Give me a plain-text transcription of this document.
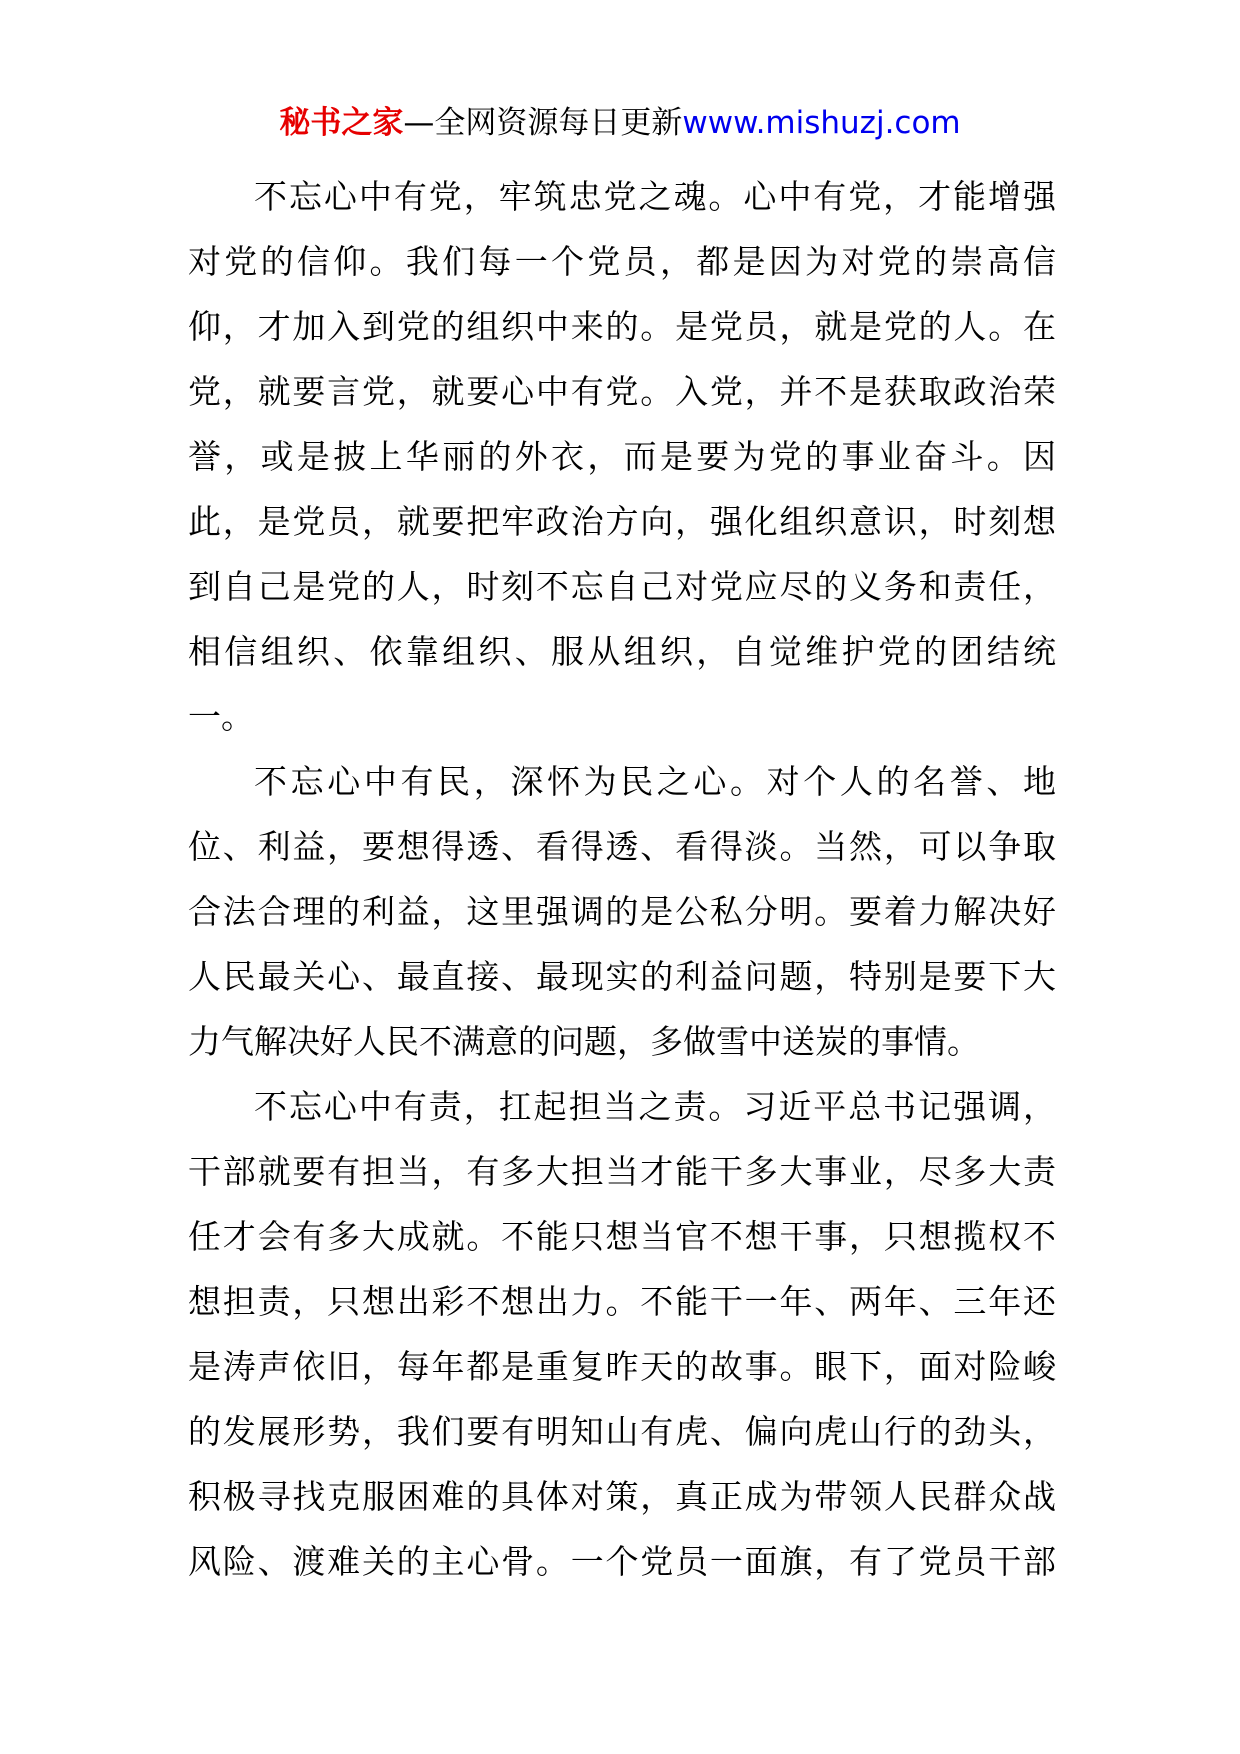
秘书之家—全网资源每日更新www.mishuzj.com
不忘心中有党，牢筑忠党之魂。心中有党，才能增强
对党的信仰。我们每一个党员，都是因为对党的崇高信
仰，才加入到党的组织中来的。是党员，就是党的人。在
党，就要言党，就要心中有党。入党，并不是获取政治荣
誉，或是披上华丽的外衣，而是要为党的事业奋斗。因
此，是党员，就要把牢政治方向，强化组织意识，时刻想
到自己是党的人，时刻不忘自己对党应尽的义务和责任，
相信组织、依靠组织、服从组织，自觉维护党的团结统
一。
不忘心中有民，深怀为民之心。对个人的名誉、地
位、利益，要想得透、看得透、看得淡。当然，可以争取
合法合理的利益，这里强调的是公私分明。要着力解决好
人民最关心、最直接、最现实的利益问题，特别是要下大
力气解决好人民不满意的问题，多做雪中送炭的事情。
不忘心中有责，扛起担当之责。习近平总书记强调，
干部就要有担当，有多大担当才能干多大事业，尽多大责
任才会有多大成就。不能只想当官不想干事，只想揽权不
想担责，只想出彩不想出力。不能干一年、两年、三年还
是涛声依旧，每年都是重复昨天的故事。眼下，面对险峻
的发展形势，我们要有明知山有虎、偏向虎山行的劲头，
积极寻找克服困难的具体对策，真正成为带领人民群众战
风险、渡难关的主心骨。一个党员一面旗，有了党员干部
